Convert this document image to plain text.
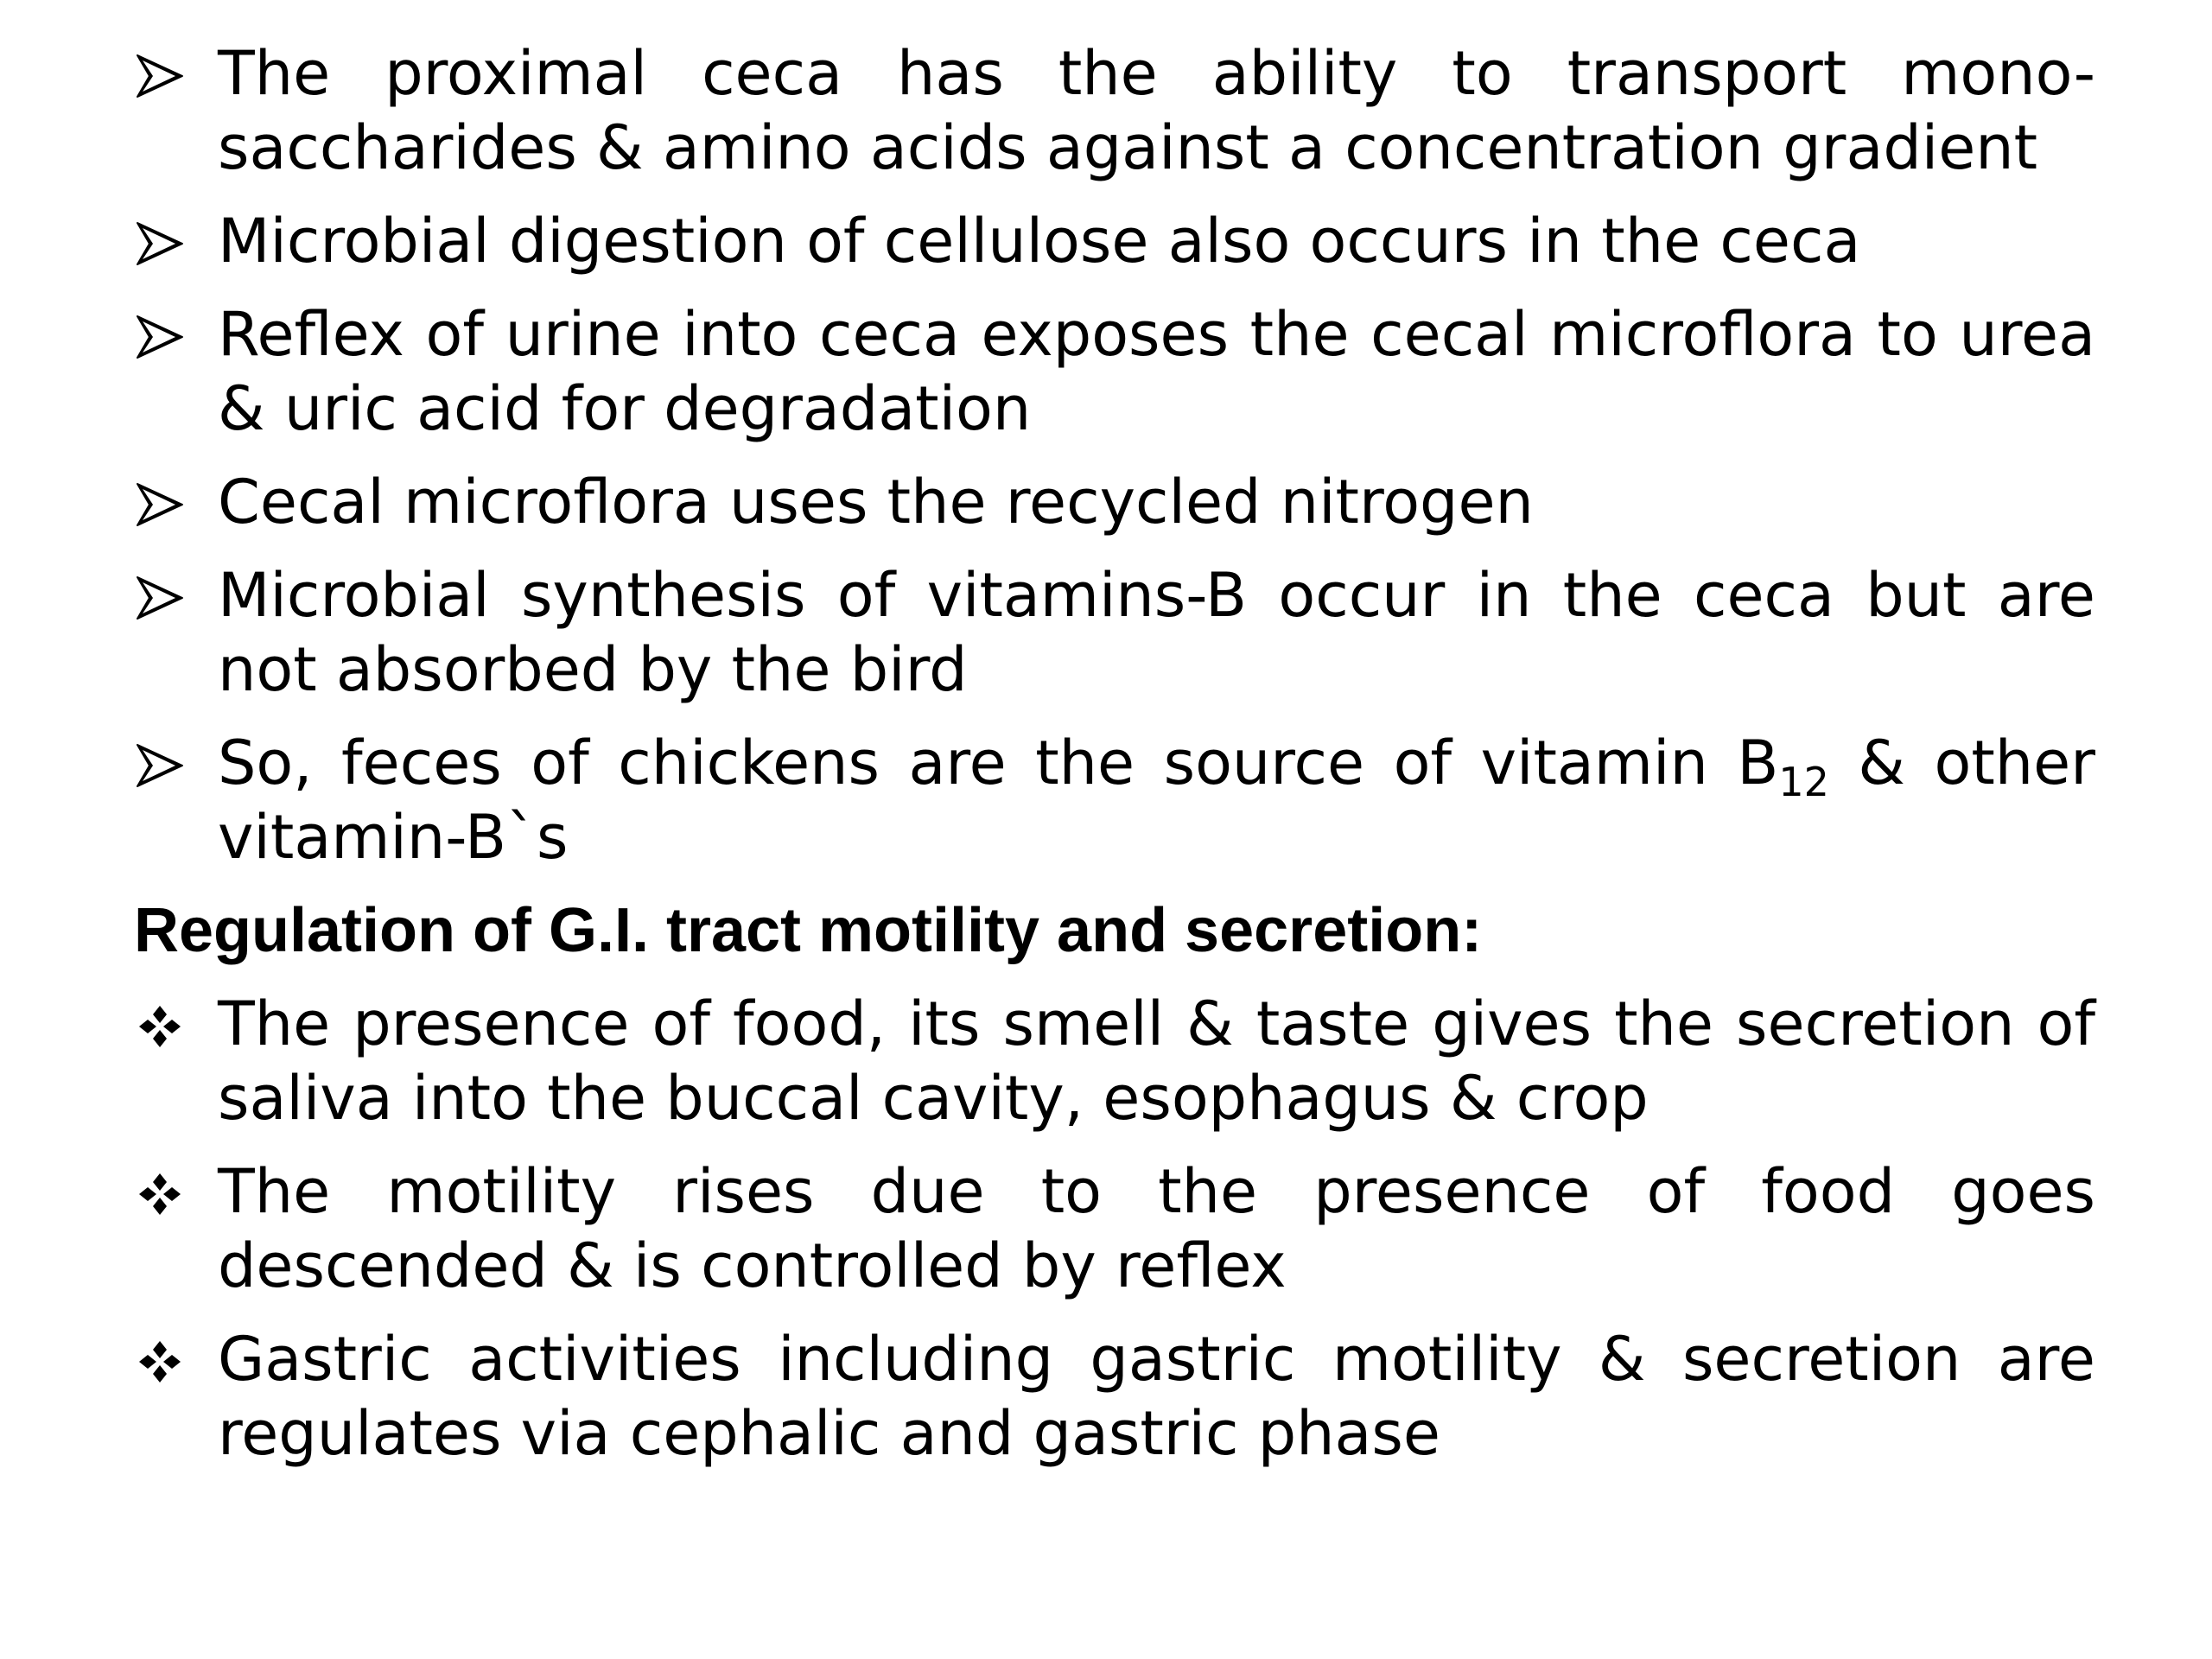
The proximal ceca has the ability to transport mono-saccharides & amino acids against a concentration gradient
Microbial digestion of cellulose also occurs in the ceca
Reflex of urine into ceca exposes the cecal microflora to urea & uric acid for degradation
Cecal microflora uses the recycled nitrogen
Microbial synthesis of vitamins-B occur in the ceca but are not absorbed by the bird
So, feces of chickens are the source of vitamin $B_{12}$ & other vitamin-B`s
Regulation of G.I. tract motility and secretion:
The presence of food, its smell & taste gives the secretion of saliva into the buccal cavity, esophagus & crop
The motility rises due to the presence of food goes descended & is controlled by reflex
Gastric activities including gastric motility & secretion are regulates via cephalic and gastric phase
